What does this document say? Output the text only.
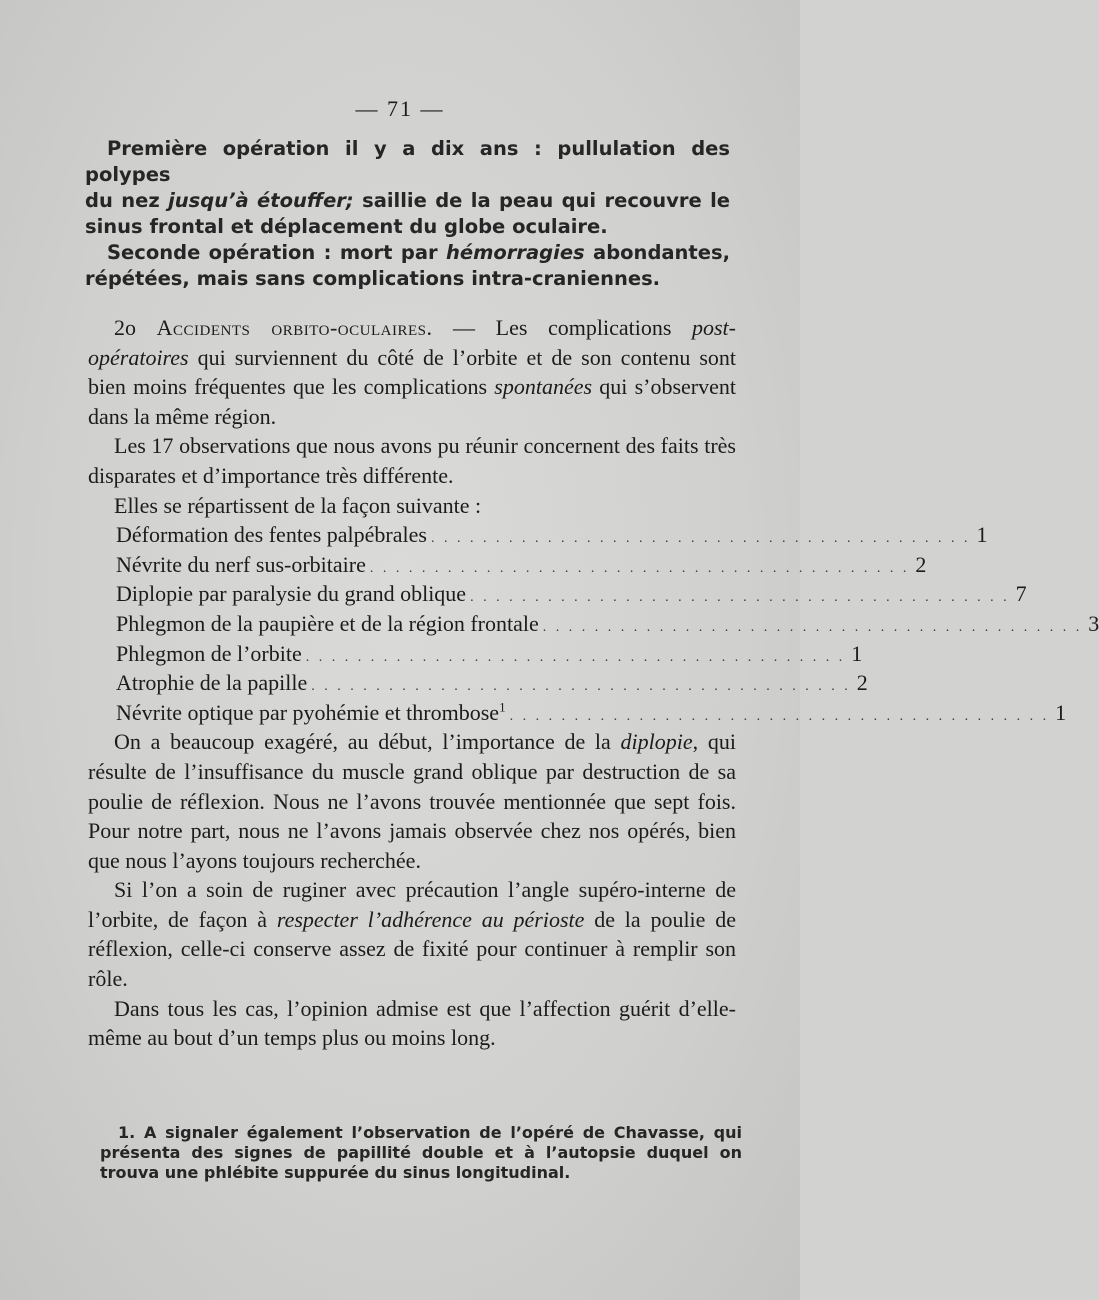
— 71 —

Première opération il y a dix ans : pullulation des polypes

du nez jusqu’à étouffer; saillie de la peau qui recouvre le

sinus frontal et déplacement du globe oculaire.

Seconde opération : mort par hémorragies abondantes,

répétées, mais sans complications intra-craniennes.

2o Accidents orbito-oculaires. — Les complications post-opératoires qui surviennent du côté de l’orbite et de son contenu sont bien moins fréquentes que les complications spontanées qui s’observent dans la même région.

Les 17 observations que nous avons pu réunir concernent des faits très disparates et d’importance très différente.

Elles se répartissent de la façon suivante :

Déformation des fentes palpébrales . . . . . . . . . . . . . . . . . . . . . . . . . . . . . . . . . . . . . . . . . . 1
Névrite du nerf sus-orbitaire . . . . . . . . . . . . . . . . . . . . . . . . . . . . . . . . . . . . . . . . . . 2
Diplopie par paralysie du grand oblique . . . . . . . . . . . . . . . . . . . . . . . . . . . . . . . . . . . . . . . . . . 7
Phlegmon de la paupière et de la région frontale . . . . . . . . . . . . . . . . . . . . . . . . . . . . . . . . . . . . . . . . . . 3
Phlegmon de l’orbite . . . . . . . . . . . . . . . . . . . . . . . . . . . . . . . . . . . . . . . . . . 1
Atrophie de la papille . . . . . . . . . . . . . . . . . . . . . . . . . . . . . . . . . . . . . . . . . . 2
Névrite optique par pyohémie et thrombose$^1$
. . . . . . . . . . . . . . . . . . . . . . . . . . . . . . . . . . . . . . . . . . 1

On a beaucoup exagéré, au début, l’importance de la diplopie, qui résulte de l’insuffisance du muscle grand oblique par destruction de sa poulie de réflexion. Nous ne l’avons trouvée mentionnée que sept fois. Pour notre part, nous ne l’avons jamais observée chez nos opérés, bien que nous l’ayons toujours recherchée.

Si l’on a soin de ruginer avec précaution l’angle supéro-interne de l’orbite, de façon à respecter l’adhérence au périoste de la poulie de réflexion, celle-ci conserve assez de fixité pour continuer à remplir son rôle.

Dans tous les cas, l’opinion admise est que l’affection guérit d’elle-même au bout d’un temps plus ou moins long.

1. A signaler également l’observation de l’opéré de Chavasse, qui présenta des signes de papillité double et à l’autopsie duquel on trouva une phlébite suppurée du sinus longitudinal.
